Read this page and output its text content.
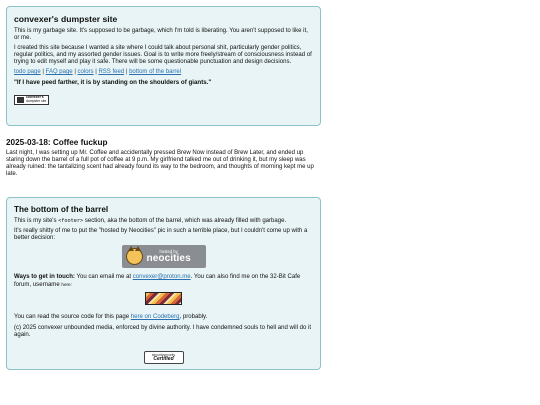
convexer's dumpster site

This is my garbage site. It's supposed to be garbage, which I'm told is liberating. You aren't supposed to like it, or me.

I created this site because I wanted a site where I could talk about personal shit, particularly gender politics, regular politics, and my assorted gender issues. Goal is to write more freely/stream of consciousness instead of trying to edit myself and play it safe. There will be some questionable punctuation and design decisions.

todo page | FAQ page | colors | RSS feed | bottom of the barrel

"If I have peed farther, it is by standing on the shoulders of giants."

convexer's
dumpster site
2025-03-18: Coffee fuckup

Last night, I was setting up Mr. Coffee and accidentally pressed Brew Now instead of Brew Later, and ended up staring down the barrel of a full pot of coffee at 9 p.m. My girlfriend talked me out of drinking it, but my sleep was already ruined: the tantalizing scent had already found its way to the bedroom, and thoughts of morning kept me up late.

The bottom of the barrel

This is my site's <footer> section, aka the bottom of the barrel, which was already filled with garbage.

It's really shitty of me to put the "hosted by Neocities" pic in such a terrible place, but I couldn't come up with a better decision:

hosted by
neocities

Ways to get in touch: You can email me at convexer@proton.me. You can also find me on the 32-Bit Cafe forum, username here:

You can read the source code for this page here on Codeberg, probably.

(c) 2025 convexer unbounded media, enforced by divine authority. I have condemned souls to hell and will do it again.

securitysecurity
Certified
